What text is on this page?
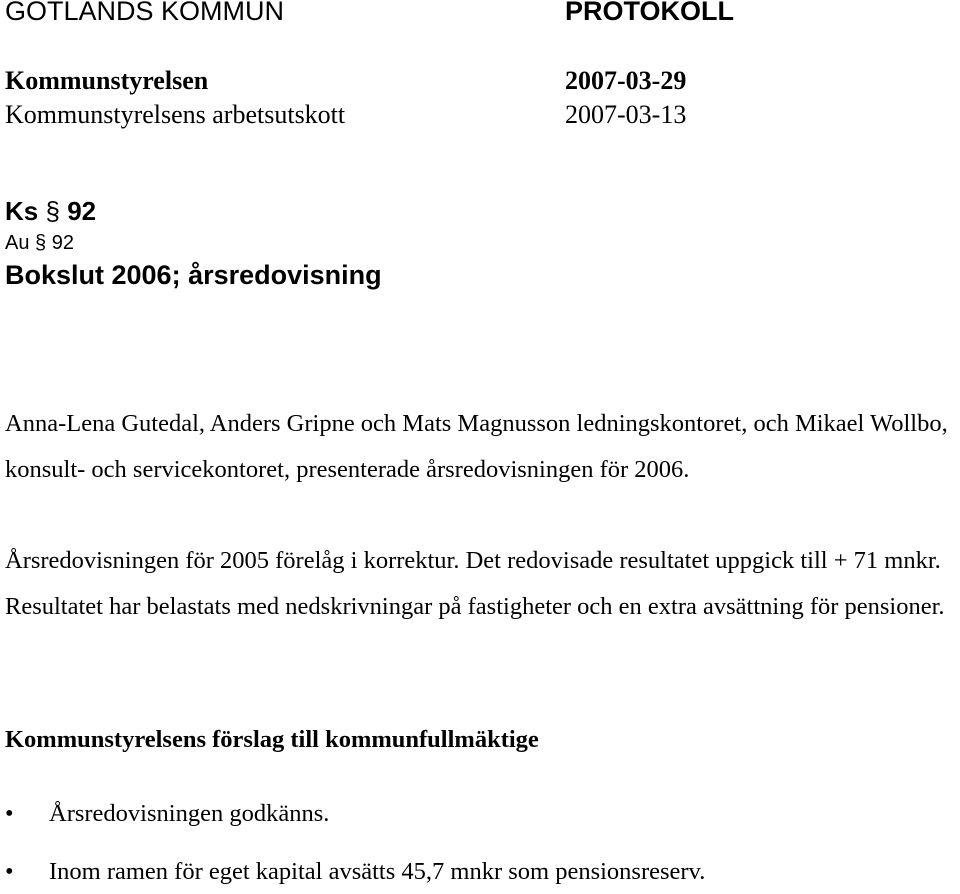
GOTLANDS KOMMUN	PROTOKOLL
Kommunstyrelsen	2007-03-29
Kommunstyrelsens arbetsutskott	2007-03-13
Ks § 92
Au § 92
Bokslut 2006; årsredovisning
Anna-Lena Gutedal, Anders Gripne och Mats Magnusson ledningskontoret, och Mikael Wollbo, konsult- och servicekontoret, presenterade årsredovisningen för 2006.
Årsredovisningen för 2005 förelåg i korrektur. Det redovisade resultatet uppgick till + 71 mnkr. Resultatet har belastats med nedskrivningar på fastigheter och en extra avsättning för pensioner.
Kommunstyrelsens förslag till kommunfullmäktige
• Årsredovisningen godkänns.
• Inom ramen för eget kapital avsätts 45,7 mnkr som pensionsreserv.
